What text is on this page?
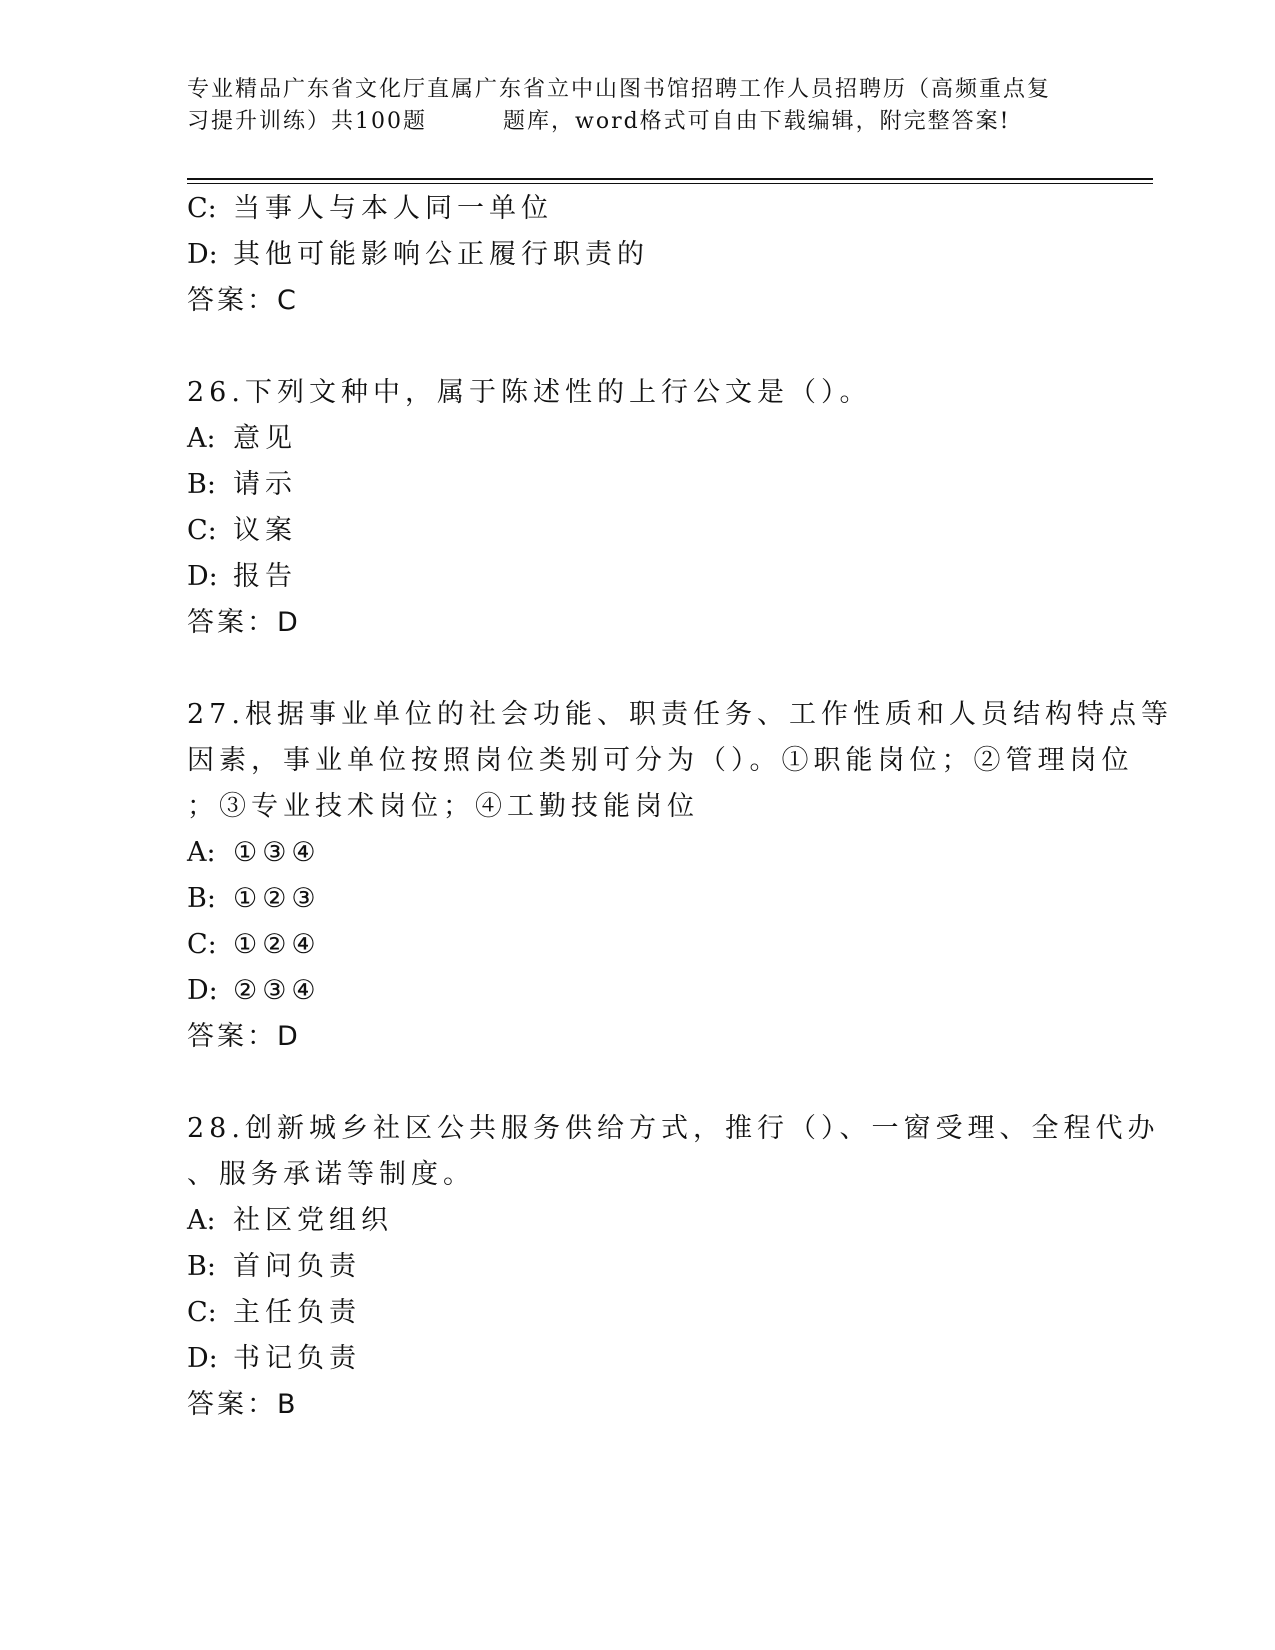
专业精品广东省文化厅直属广东省立中山图书馆招聘工作人员招聘历（高频重点复
习提升训练）共100题	题库，word格式可自由下载编辑，附完整答案!
C: 当事人与本人同一单位
D: 其他可能影响公正履行职责的
答案：C
26.下列文种中，属于陈述性的上行公文是（）。
A: 意见
B: 请示
C: 议案
D: 报告
答案：D
27.根据事业单位的社会功能、职责任务、工作性质和人员结构特点等
因素，事业单位按照岗位类别可分为（）。①职能岗位；②管理岗位
；③专业技术岗位；④工勤技能岗位
A: ①③④
B: ①②③
C: ①②④
D: ②③④
答案：D
28.创新城乡社区公共服务供给方式，推行（）、一窗受理、全程代办
、服务承诺等制度。
A: 社区党组织
B: 首问负责
C: 主任负责
D: 书记负责
答案：B
